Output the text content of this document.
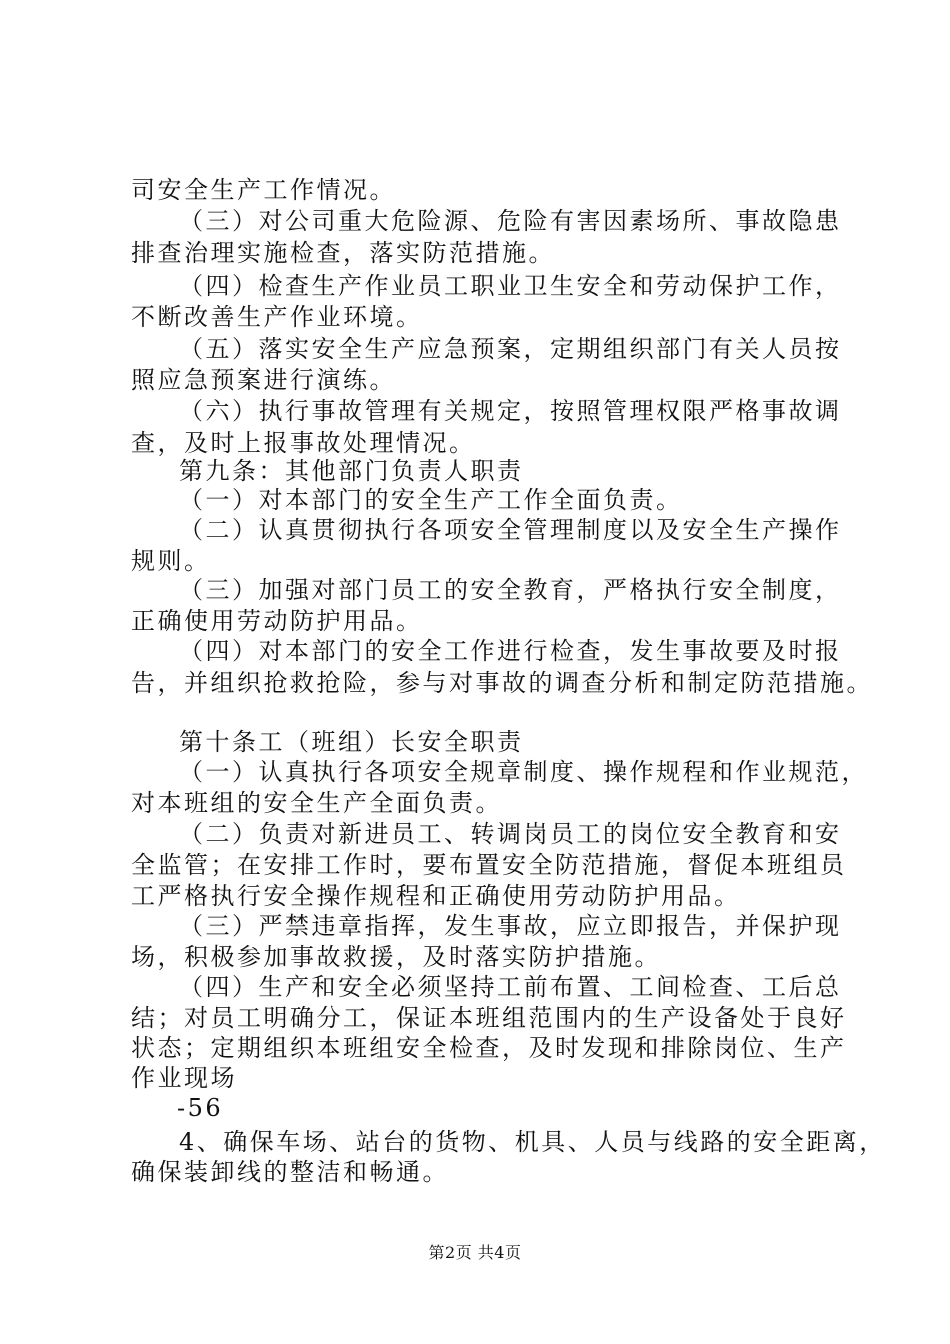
司安全生产工作情况。
（三）对公司重大危险源、危险有害因素场所、事故隐患
排查治理实施检查，落实防范措施。
（四）检查生产作业员工职业卫生安全和劳动保护工作，
不断改善生产作业环境。
（五）落实安全生产应急预案，定期组织部门有关人员按
照应急预案进行演练。
（六）执行事故管理有关规定，按照管理权限严格事故调
查，及时上报事故处理情况。
第九条：其他部门负责人职责
（一）对本部门的安全生产工作全面负责。
（二）认真贯彻执行各项安全管理制度以及安全生产操作
规则。
（三）加强对部门员工的安全教育，严格执行安全制度，
正确使用劳动防护用品。
（四）对本部门的安全工作进行检查，发生事故要及时报
告，并组织抢救抢险，参与对事故的调查分析和制定防范措施。
第十条工（班组）长安全职责
（一）认真执行各项安全规章制度、操作规程和作业规范，
对本班组的安全生产全面负责。
（二）负责对新进员工、转调岗员工的岗位安全教育和安
全监管；在安排工作时，要布置安全防范措施，督促本班组员
工严格执行安全操作规程和正确使用劳动防护用品。
（三）严禁违章指挥，发生事故，应立即报告，并保护现
场，积极参加事故救援，及时落实防护措施。
（四）生产和安全必须坚持工前布置、工间检查、工后总
结；对员工明确分工，保证本班组范围内的生产设备处于良好
状态；定期组织本班组安全检查，及时发现和排除岗位、生产
作业现场
-56
4、确保车场、站台的货物、机具、人员与线路的安全距离，
确保装卸线的整洁和畅通。
第2页 共4页
